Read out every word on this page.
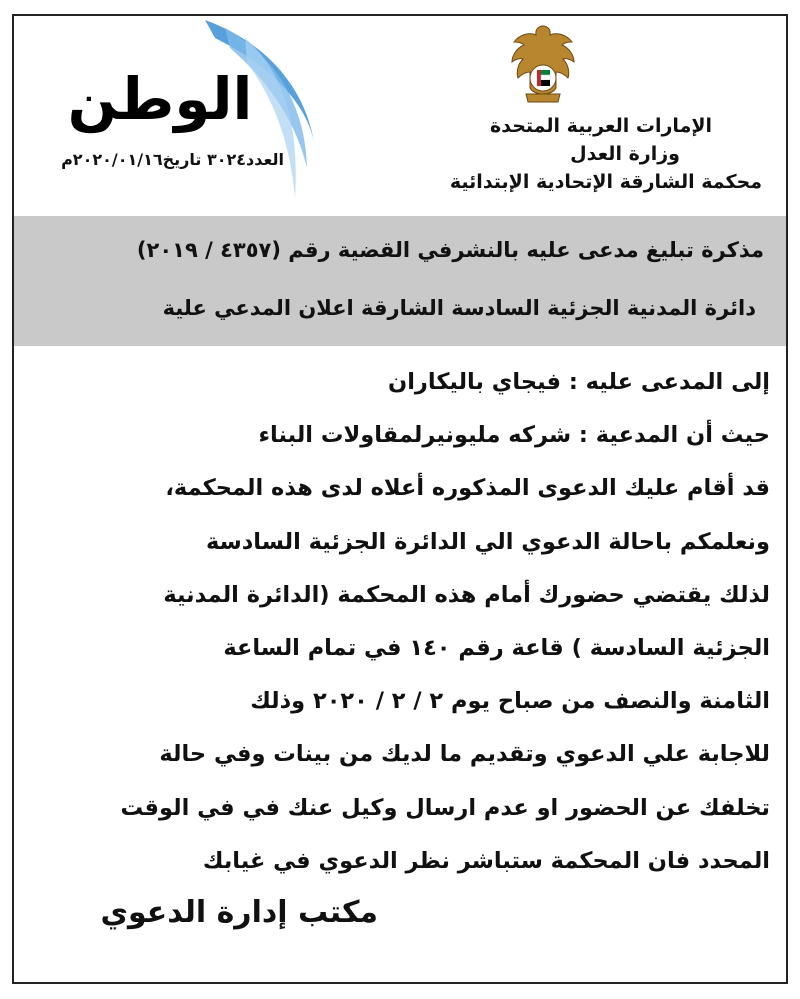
الإمارات العربية المتحدة
وزارة العدل
محكمة الشارقة الإتحادية الإبتدائية
الوطن
العدد٣٠٢٤ تاريخ٢٠٢٠/٠١/١٦م
مذكرة تبليغ مدعى عليه بالنشرفي القضية رقم (٤٣٥٧ / ٢٠١٩)
دائرة المدنية الجزئية السادسة الشارقة اعلان المدعي علية
إلى المدعى عليه : فيجاي باليكاران
حيث أن المدعية : شركه مليونيرلمقاولات البناء
قد أقام عليك الدعوى المذكوره أعلاه لدى هذه المحكمة،
ونعلمكم باحالة الدعوي الي الدائرة الجزئية السادسة
لذلك يقتضي حضورك أمام هذه المحكمة (الدائرة المدنية
الجزئية السادسة ) قاعة رقم ١٤٠ في تمام الساعة
الثامنة والنصف من صباح يوم ٢ / ٢ / ٢٠٢٠ وذلك
للاجابة علي الدعوي وتقديم ما لديك من بينات وفي حالة
تخلفك عن الحضور او عدم ارسال وكيل عنك في في الوقت
المحدد فان المحكمة ستباشر نظر الدعوي في غيابك
مكتب إدارة الدعوي
